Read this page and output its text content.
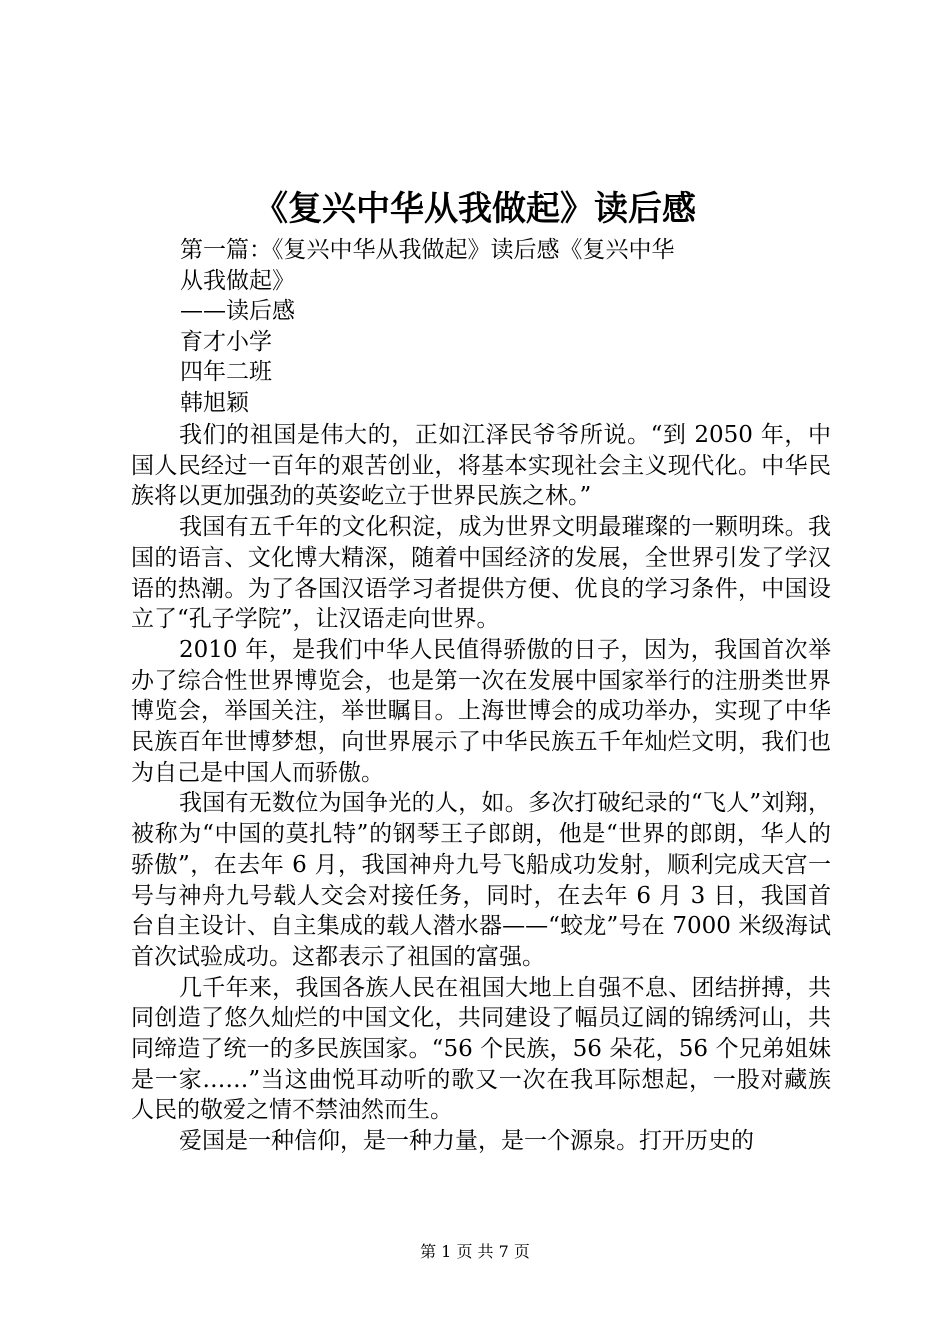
《复兴中华从我做起》读后感
第一篇：《复兴中华从我做起》读后感《复兴中华
从我做起》
——读后感
育才小学
四年二班
韩旭颖

我们的祖国是伟大的，正如江泽民爷爷所说。“到 2050 年，中国人民经过一百年的艰苦创业，将基本实现社会主义现代化。中华民族将以更加强劲的英姿屹立于世界民族之林。”

我国有五千年的文化积淀，成为世界文明最璀璨的一颗明珠。我国的语言、文化博大精深，随着中国经济的发展，全世界引发了学汉语的热潮。为了各国汉语学习者提供方便、优良的学习条件，中国设立了“孔子学院”，让汉语走向世界。

2010 年，是我们中华人民值得骄傲的日子，因为，我国首次举办了综合性世界博览会，也是第一次在发展中国家举行的注册类世界博览会，举国关注，举世瞩目。上海世博会的成功举办，实现了中华民族百年世博梦想，向世界展示了中华民族五千年灿烂文明，我们也为自己是中国人而骄傲。

我国有无数位为国争光的人，如。多次打破纪录的“飞人”刘翔，被称为“中国的莫扎特”的钢琴王子郎朗，他是“世界的郎朗，华人的骄傲”，在去年 6 月，我国神舟九号飞船成功发射，顺利完成天宫一号与神舟九号载人交会对接任务，同时，在去年 6 月 3 日，我国首台自主设计、自主集成的载人潜水器——“蛟龙”号在 7000 米级海试首次试验成功。这都表示了祖国的富强。

几千年来，我国各族人民在祖国大地上自强不息、团结拼搏，共同创造了悠久灿烂的中国文化，共同建设了幅员辽阔的锦绣河山，共同缔造了统一的多民族国家。“56 个民族，56 朵花，56 个兄弟姐妹是一家……”当这曲悦耳动听的歌又一次在我耳际想起，一股对藏族人民的敬爱之情不禁油然而生。

爱国是一种信仰，是一种力量，是一个源泉。打开历史的

第 1 页 共 7 页
